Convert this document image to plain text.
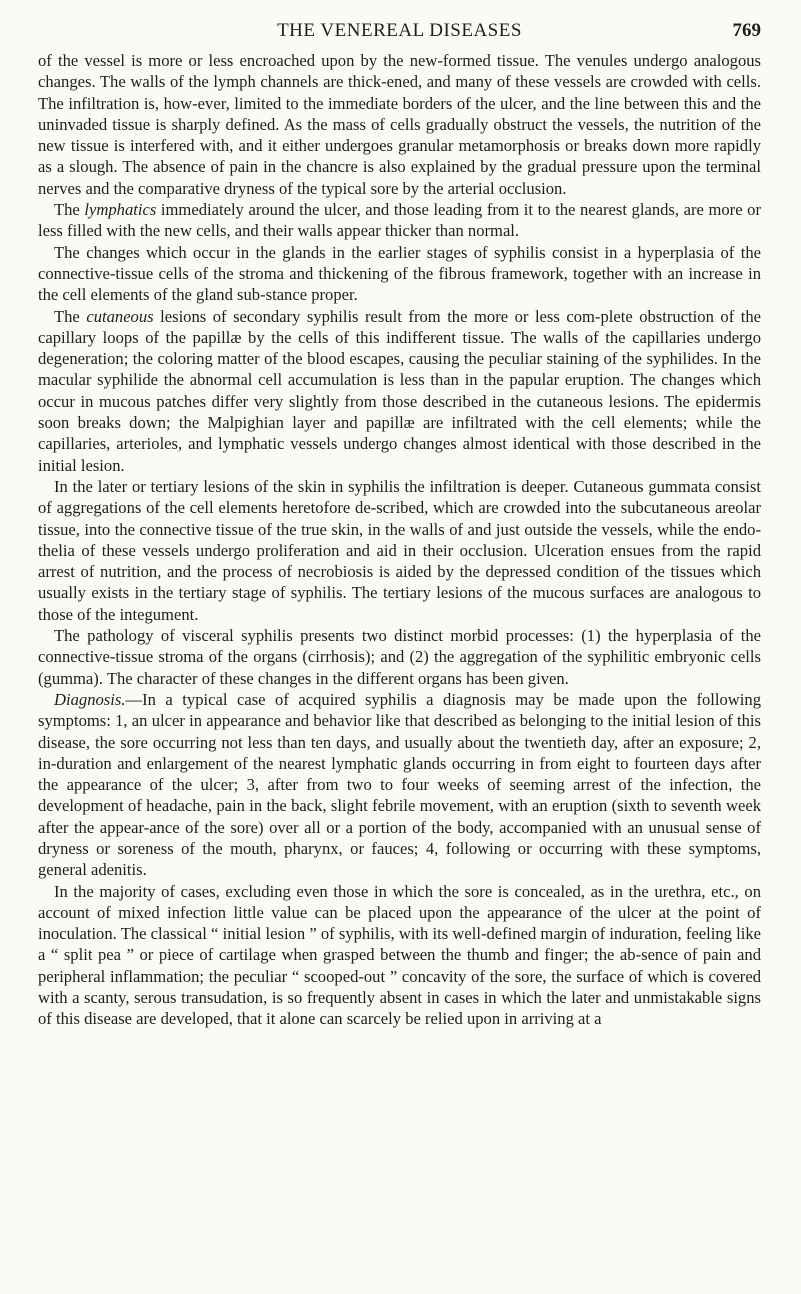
THE VENEREAL DISEASES	769

of the vessel is more or less encroached upon by the new-formed tissue. The venules undergo analogous changes. The walls of the lymph channels are thick-ened, and many of these vessels are crowded with cells. The infiltration is, how-ever, limited to the immediate borders of the ulcer, and the line between this and the uninvaded tissue is sharply defined. As the mass of cells gradually obstruct the vessels, the nutrition of the new tissue is interfered with, and it either undergoes granular metamorphosis or breaks down more rapidly as a slough. The absence of pain in the chancre is also explained by the gradual pressure upon the terminal nerves and the comparative dryness of the typical sore by the arterial occlusion.

The lymphatics immediately around the ulcer, and those leading from it to the nearest glands, are more or less filled with the new cells, and their walls appear thicker than normal.

The changes which occur in the glands in the earlier stages of syphilis consist in a hyperplasia of the connective-tissue cells of the stroma and thickening of the fibrous framework, together with an increase in the cell elements of the gland sub-stance proper.

The cutaneous lesions of secondary syphilis result from the more or less com-plete obstruction of the capillary loops of the papillæ by the cells of this indifferent tissue. The walls of the capillaries undergo degeneration; the coloring matter of the blood escapes, causing the peculiar staining of the syphilides. In the macular syphilide the abnormal cell accumulation is less than in the papular eruption. The changes which occur in mucous patches differ very slightly from those described in the cutaneous lesions. The epidermis soon breaks down; the Malpighian layer and papillæ are infiltrated with the cell elements; while the capillaries, arterioles, and lymphatic vessels undergo changes almost identical with those described in the initial lesion.

In the later or tertiary lesions of the skin in syphilis the infiltration is deeper. Cutaneous gummata consist of aggregations of the cell elements heretofore de-scribed, which are crowded into the subcutaneous areolar tissue, into the connective tissue of the true skin, in the walls of and just outside the vessels, while the endo-thelia of these vessels undergo proliferation and aid in their occlusion. Ulceration ensues from the rapid arrest of nutrition, and the process of necrobiosis is aided by the depressed condition of the tissues which usually exists in the tertiary stage of syphilis. The tertiary lesions of the mucous surfaces are analogous to those of the integument.

The pathology of visceral syphilis presents two distinct morbid processes: (1) the hyperplasia of the connective-tissue stroma of the organs (cirrhosis); and (2) the aggregation of the syphilitic embryonic cells (gumma). The character of these changes in the different organs has been given.

Diagnosis.—In a typical case of acquired syphilis a diagnosis may be made upon the following symptoms: 1, an ulcer in appearance and behavior like that described as belonging to the initial lesion of this disease, the sore occurring not less than ten days, and usually about the twentieth day, after an exposure; 2, in-duration and enlargement of the nearest lymphatic glands occurring in from eight to fourteen days after the appearance of the ulcer; 3, after from two to four weeks of seeming arrest of the infection, the development of headache, pain in the back, slight febrile movement, with an eruption (sixth to seventh week after the appear-ance of the sore) over all or a portion of the body, accompanied with an unusual sense of dryness or soreness of the mouth, pharynx, or fauces; 4, following or occurring with these symptoms, general adenitis.

In the majority of cases, excluding even those in which the sore is concealed, as in the urethra, etc., on account of mixed infection little value can be placed upon the appearance of the ulcer at the point of inoculation. The classical “ initial lesion ” of syphilis, with its well-defined margin of induration, feeling like a “ split pea ” or piece of cartilage when grasped between the thumb and finger; the ab-sence of pain and peripheral inflammation; the peculiar “ scooped-out ” concavity of the sore, the surface of which is covered with a scanty, serous transudation, is so frequently absent in cases in which the later and unmistakable signs of this disease are developed, that it alone can scarcely be relied upon in arriving at a
